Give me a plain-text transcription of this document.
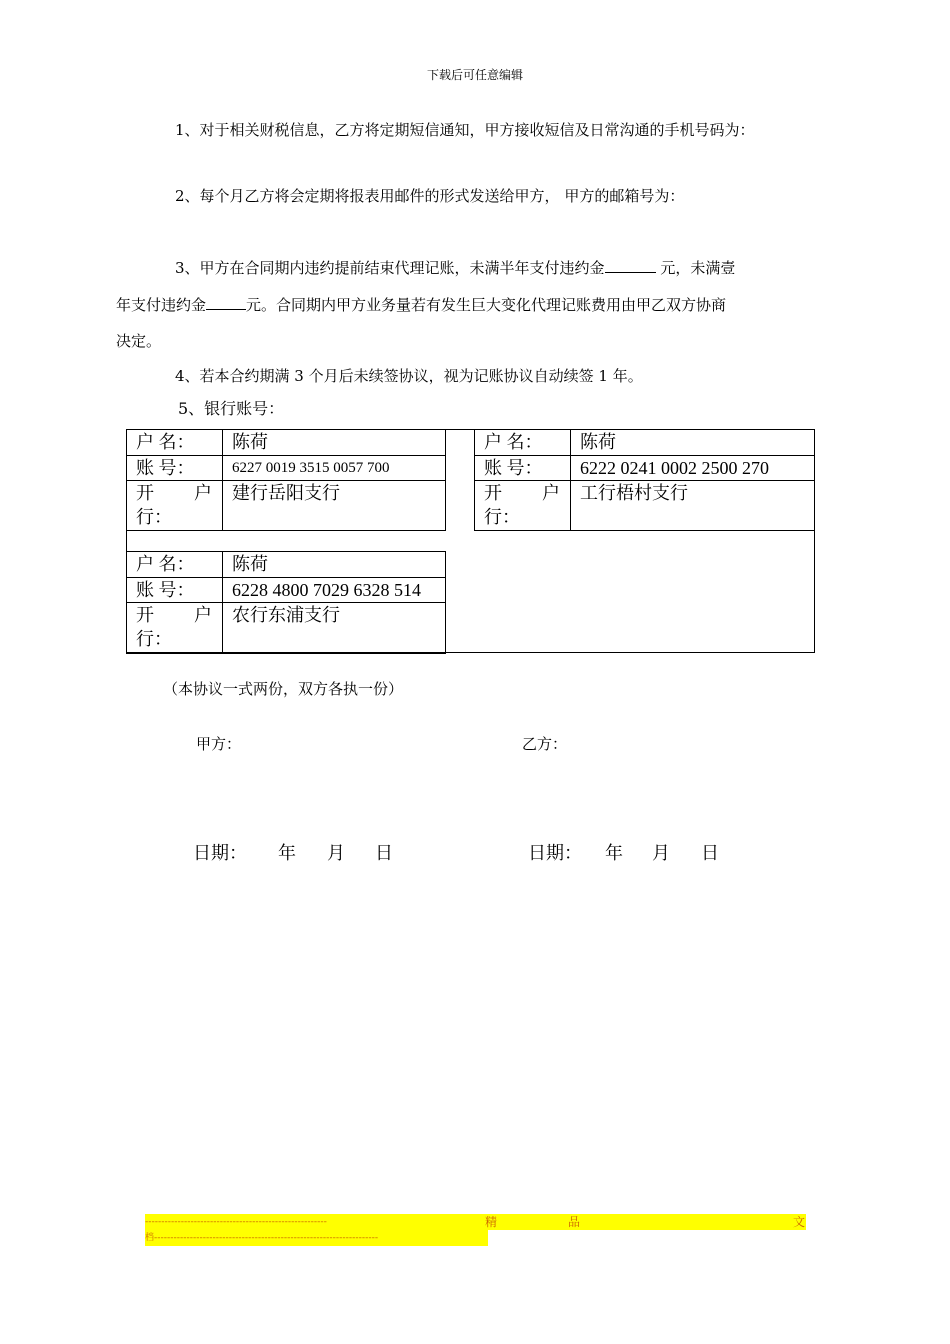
下载后可任意编辑
1、对于相关财税信息，乙方将定期短信通知，甲方接收短信及日常沟通的手机号码为：
2、每个月乙方将会定期将报表用邮件的形式发送给甲方， 甲方的邮箱号为：
3、甲方在合同期内违约提前结束代理记账，未满半年支付违约金	元，未满壹
年支付违约金	元。合同期内甲方业务量若有发生巨大变化代理记账费用由甲乙双方协商
决定。
4、若本合约期满 3 个月后未续签协议，视为记账协议自动续签 1 年。
5、银行账号：
户 名：	陈荷
账 号：	6227 0019 3515 0057 700

开 户
行：	建行岳阳支行
户 名：	陈荷
账 号：	6222 0241 0002 2500 270

开 户
行：	工行梧村支行
户 名：	陈荷
账 号：	6228 4800 7029 6328 514

开 户
行：	农行东浦支行
（本协议一式两份，双方各执一份）
甲方：	乙方：
日期： 年 月 日	日期： 年 月 日
--------------------------------------------------------	精	品	文
档---------------------------------------------------------------------
